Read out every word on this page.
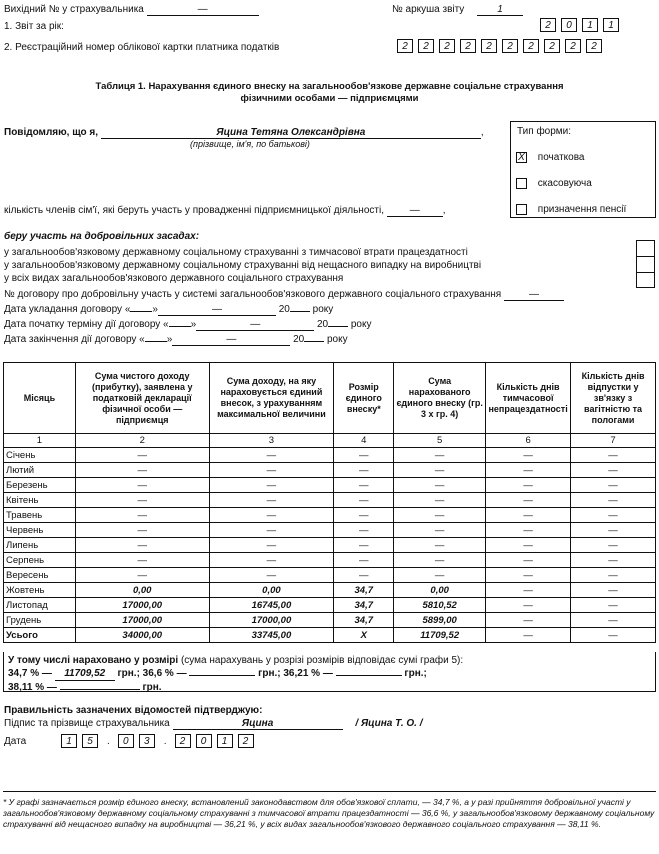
Вихідний № у страхувальника	—	№ аркуша звіту	1
1. Звіт за рік:	2 0 1 1
2. Реєстраційний номер облікової картки платника податків	2 2 2 2 2 2 2 2 2 2
Таблиця 1. Нарахування єдиного внеску на загальнообов'язкове державне соціальне страхування
фізичними особами — підприємцями
Повідомляю, що я,	Яцина Тетяна Олександрівна	,
(прізвище, ім'я, по батькові)
кількість членів сім'ї, які беруть участь у провадженні підприємницької діяльності,	— ,
Тип форми:
X початкова
скасовуюча
призначення пенсії
беру участь на добровільних засадах:
у загальнообов'язковому державному соціальному страхуванні з тимчасової втрати працездатності
у загальнообов'язковому державному соціальному страхуванні від нещасного випадку на виробництві
у всіх видах загальнообов'язкового державного соціального страхування
№ договору про добровільну участь у системі загальнообов'язкового державного соціального страхування	—
Дата укладання договору « »	—	20 року
Дата початку терміну дії договору « »	—	20 року
Дата закінчення дії договору « »	—	20 року
Місяць	Сума чистого доходу (прибутку), заявлена у податковій декларації фізичної особи — підприємця	Сума доходу, на яку нараховується єдиний внесок, з урахуванням максимальної величини	Розмір єдиного внеску*	Сума нарахованого єдиного внеску (гр. 3 х гр. 4)	Кількість днів тимчасової непрацездатності	Кількість днів відпустки у зв'язку з вагітністю та пологами
1	2	3	4	5	6	7
Січень	—	—	—	—	—	—
Лютий	—	—	—	—	—	—
Березень	—	—	—	—	—	—
Квітень	—	—	—	—	—	—
Травень	—	—	—	—	—	—
Червень	—	—	—	—	—	—
Липень	—	—	—	—	—	—
Серпень	—	—	—	—	—	—
Вересень	—	—	—	—	—	—
Жовтень	0,00	0,00	34,7	0,00	—	—
Листопад	17000,00	16745,00	34,7	5810,52	—	—
Грудень	17000,00	17000,00	34,7	5899,00	—	—
Усього	34000,00	33745,00	Х	11709,52	—	—
У тому числі нараховано у розмірі (сума нарахувань у розрізі розмірів відповідає сумі графи 5):
34,7 % — 11709,52 грн.; 36,6 % —	грн.; 36,21 % —	грн.;
38,11 % —	грн.
Правильність зазначених відомостей підтверджую:
Підпис та прізвище страхувальника	Яцина	/ Яцина Т. О. /
Дата	1 5 . 0 3 . 2 0 1 2
* У графі зазначається розмір єдиного внеску, встановлений законодавством для обов'язкової сплати, — 34,7 %, а у разі прийняття добровільної участі у загальнообов'язковому державному соціальному страхуванні з тимчасової втрати працездатності — 36,6 %, у загальнообов'язковому державному соціальному страхуванні від нещасного випадку на виробництві — 36,21 %, у всіх видах загальнообов'язкового державного соціального страхування — 38,11 %.
